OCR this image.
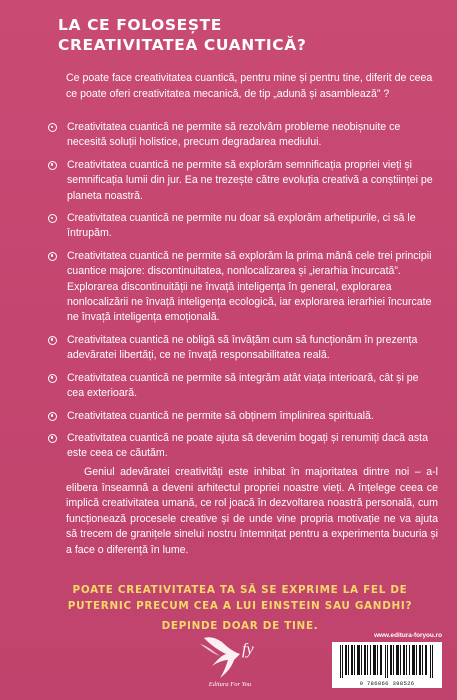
LA CE FOLOSEȘTE
CREATIVITATEA CUANTICĂ?
Ce poate face creativitatea cuantică, pentru mine și pentru tine, diferit de ceea ce poate oferi creativitatea mecanică, de tip „adună și asamblează” ?
Creativitatea cuantică ne permite să rezolvăm probleme neobișnuite ce necesită soluții holistice, precum degradarea mediului.
Creativitatea cuantică ne permite să explorăm semnificația propriei vieți și semnificația lumii din jur. Ea ne trezește către evoluția creativă a conștiinței pe planeta noastră.
Creativitatea cuantică ne permite nu doar să explorăm arhetipurile, ci să le întrupăm.
Creativitatea cuantică ne permite să explorăm la prima mână cele trei principii cuantice majore: discontinuitatea, nonlocalizarea și „ierarhia încurcată”. Explorarea discontinuității ne învață inteligența în general, explorarea nonlocalizării ne învață inteligența ecologică, iar explorarea ierarhiei încurcate ne învață inteligența emoțională.
Creativitatea cuantică ne obligă să învățăm cum să funcționăm în prezența adevăratei libertăți, ce ne învață responsabilitatea reală.
Creativitatea cuantică ne permite să integrăm atât viața interioară, cât și pe cea exterioară.
Creativitatea cuantică ne permite să obținem împlinirea spirituală.
Creativitatea cuantică ne poate ajuta să devenim bogați și renumiți dacă asta este ceea ce căutăm.
Geniul adevăratei creativități este inhibat în majoritatea dintre noi – a-l elibera înseamnă a deveni arhitectul propriei noastre vieți. A înțelege ceea ce implică creativitatea umană, ce rol joacă în dezvoltarea noastră personală, cum funcționează procesele creative și de unde vine propria motivație ne va ajuta să trecem de granițele sinelui nostru întemnițat pentru a experimenta bucuria și a face o diferență în lume.
POATE CREATIVITATEA TA SĂ SE EXPRIME LA FEL DE
PUTERNIC PRECUM CEA A LUI EINSTEIN SAU GANDHI?
DEPINDE DOAR DE TINE.
fy
Editura For You
www.editura-foryou.ro
9 786066 398526
